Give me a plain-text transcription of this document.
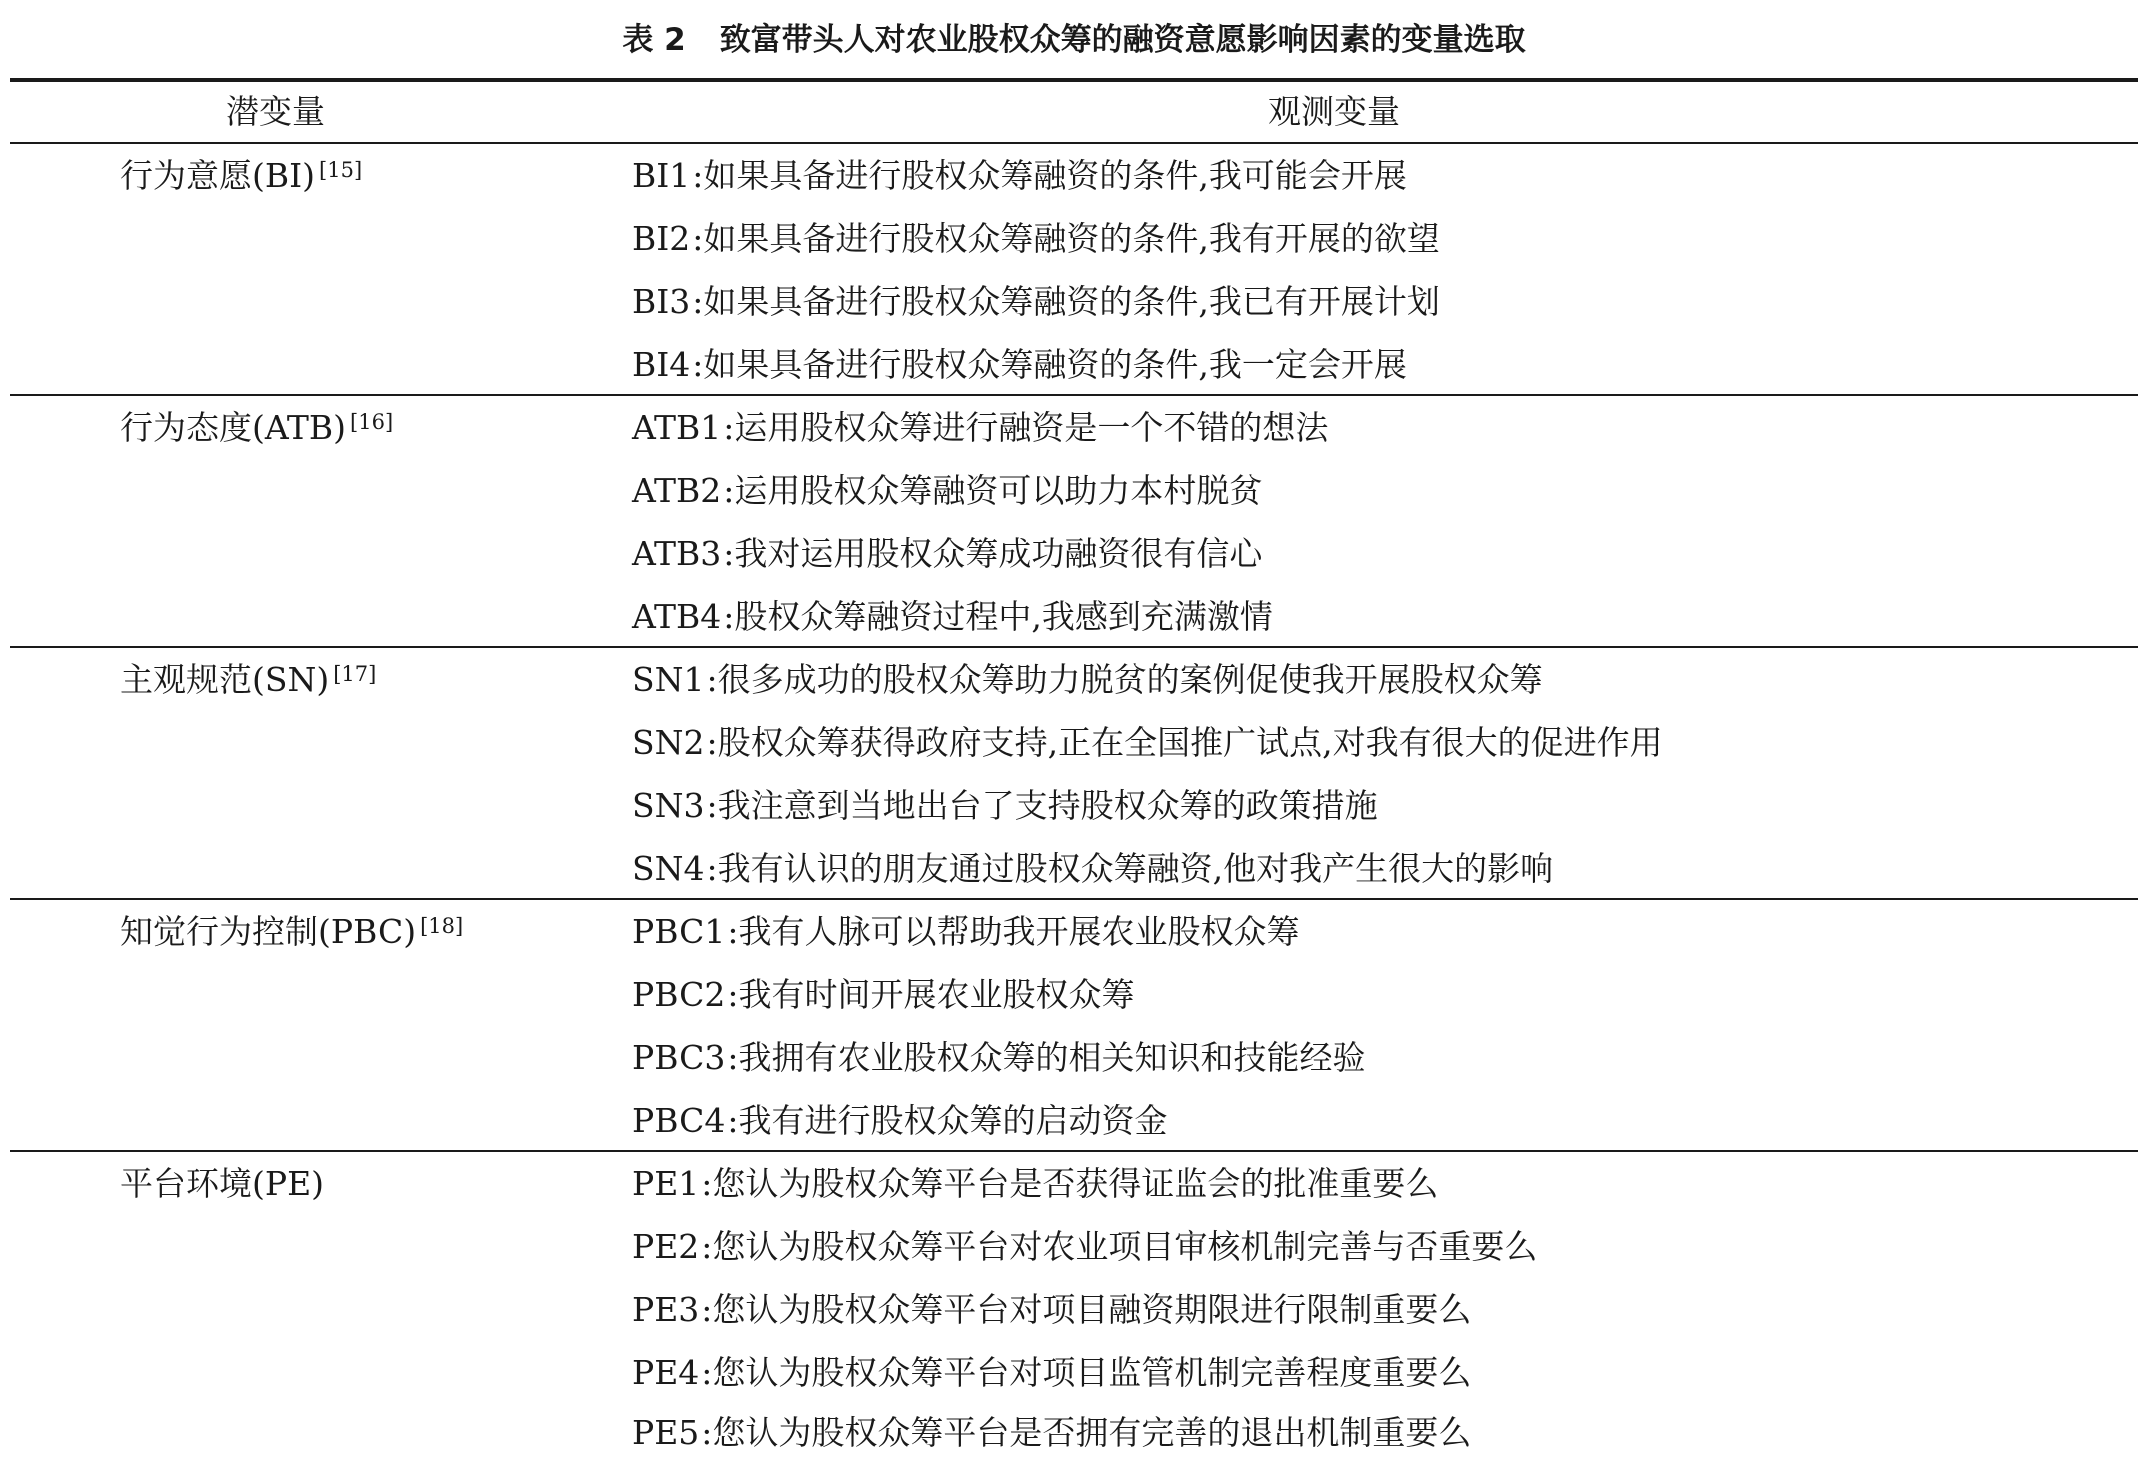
表 2 致富带头人对农业股权众筹的融资意愿影响因素的变量选取
潜变量	观测变量
行为意愿(BI) [15]	BI1:如果具备进行股权众筹融资的条件,我可能会开展
BI2:如果具备进行股权众筹融资的条件,我有开展的欲望
BI3:如果具备进行股权众筹融资的条件,我已有开展计划
BI4:如果具备进行股权众筹融资的条件,我一定会开展
行为态度(ATB) [16]	ATB1:运用股权众筹进行融资是一个不错的想法
ATB2:运用股权众筹融资可以助力本村脱贫
ATB3:我对运用股权众筹成功融资很有信心
ATB4:股权众筹融资过程中,我感到充满激情
主观规范(SN) [17]	SN1:很多成功的股权众筹助力脱贫的案例促使我开展股权众筹
SN2:股权众筹获得政府支持,正在全国推广试点,对我有很大的促进作用
SN3:我注意到当地出台了支持股权众筹的政策措施
SN4:我有认识的朋友通过股权众筹融资,他对我产生很大的影响
知觉行为控制(PBC) [18]	PBC1:我有人脉可以帮助我开展农业股权众筹
PBC2:我有时间开展农业股权众筹
PBC3:我拥有农业股权众筹的相关知识和技能经验
PBC4:我有进行股权众筹的启动资金
平台环境(PE)	PE1:您认为股权众筹平台是否获得证监会的批准重要么
PE2:您认为股权众筹平台对农业项目审核机制完善与否重要么
PE3:您认为股权众筹平台对项目融资期限进行限制重要么
PE4:您认为股权众筹平台对项目监管机制完善程度重要么
PE5:您认为股权众筹平台是否拥有完善的退出机制重要么
